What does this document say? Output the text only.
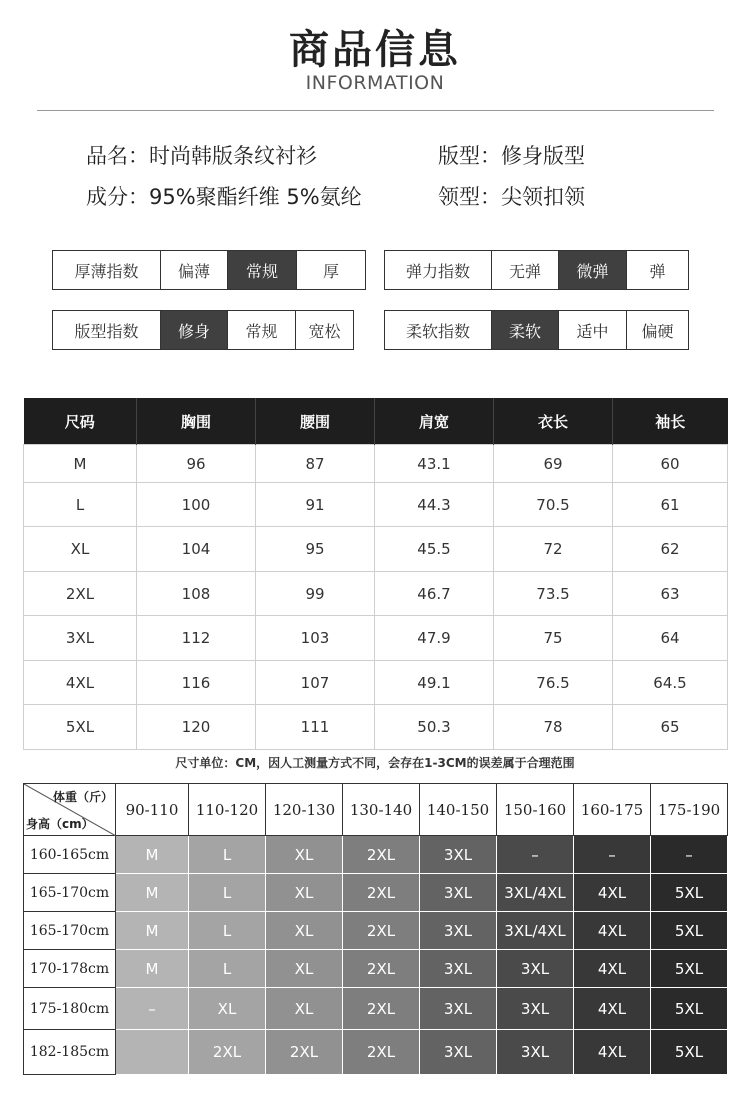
商品信息
INFORMATION
品名：时尚韩版条纹衬衫	版型：修身版型
成分：95%聚酯纤维 5%氨纶	领型：尖领扣领
厚薄指数	偏薄	常规	厚	弹力指数	无弹	微弹	弹
版型指数	修身	常规	宽松	柔软指数	柔软	适中	偏硬
尺码	胸围	腰围	肩宽	衣长	袖长
M	96	87	43.1	69	60
L	100	91	44.3	70.5	61
XL	104	95	45.5	72	62
2XL	108	99	46.7	73.5	63
3XL	112	103	47.9	75	64
4XL	116	107	49.1	76.5	64.5
5XL	120	111	50.3	78	65
尺寸单位：CM，因人工测量方式不同，会存在1-3CM的误差属于合理范围
体重（斤）
身高（cm）	90-110	110-120	120-130	130-140	140-150	150-160	160-175	175-190
160-165cm	M	L	XL	2XL	3XL	–	–	–
165-170cm	M	L	XL	2XL	3XL	3XL/4XL	4XL	5XL
165-170cm	M	L	XL	2XL	3XL	3XL/4XL	4XL	5XL
170-178cm	M	L	XL	2XL	3XL	3XL	4XL	5XL
175-180cm	–	XL	XL	2XL	3XL	3XL	4XL	5XL
182-185cm		2XL	2XL	2XL	3XL	3XL	4XL	5XL
